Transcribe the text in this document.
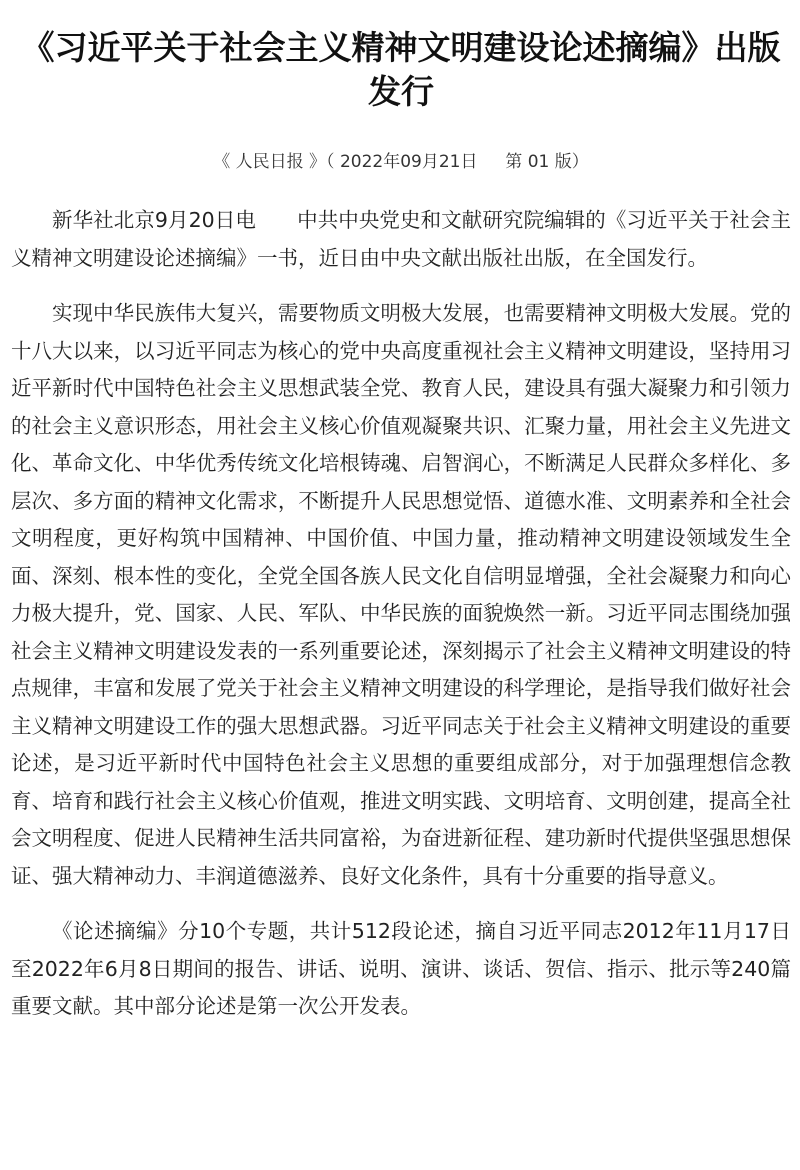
《习近平关于社会主义精神文明建设论述摘编》出版发行
《 人民日报 》（ 2022年09月21日 　 第 01 版）

新华社北京9月20日电　　中共中央党史和文献研究院编辑的《习近平关于社会主义精神文明建设论述摘编》一书，近日由中央文献出版社出版，在全国发行。

实现中华民族伟大复兴，需要物质文明极大发展，也需要精神文明极大发展。党的十八大以来，以习近平同志为核心的党中央高度重视社会主义精神文明建设，坚持用习近平新时代中国特色社会主义思想武装全党、教育人民，建设具有强大凝聚力和引领力的社会主义意识形态，用社会主义核心价值观凝聚共识、汇聚力量，用社会主义先进文化、革命文化、中华优秀传统文化培根铸魂、启智润心，不断满足人民群众多样化、多层次、多方面的精神文化需求，不断提升人民思想觉悟、道德水准、文明素养和全社会文明程度，更好构筑中国精神、中国价值、中国力量，推动精神文明建设领域发生全面、深刻、根本性的变化，全党全国各族人民文化自信明显增强，全社会凝聚力和向心力极大提升，党、国家、人民、军队、中华民族的面貌焕然一新。习近平同志围绕加强社会主义精神文明建设发表的一系列重要论述，深刻揭示了社会主义精神文明建设的特点规律，丰富和发展了党关于社会主义精神文明建设的科学理论，是指导我们做好社会主义精神文明建设工作的强大思想武器。习近平同志关于社会主义精神文明建设的重要论述，是习近平新时代中国特色社会主义思想的重要组成部分，对于加强理想信念教育、培育和践行社会主义核心价值观，推进文明实践、文明培育、文明创建，提高全社会文明程度、促进人民精神生活共同富裕，为奋进新征程、建功新时代提供坚强思想保证、强大精神动力、丰润道德滋养、良好文化条件，具有十分重要的指导意义。

《论述摘编》分10个专题，共计512段论述，摘自习近平同志2012年11月17日至2022年6月8日期间的报告、讲话、说明、演讲、谈话、贺信、指示、批示等240篇重要文献。其中部分论述是第一次公开发表。
